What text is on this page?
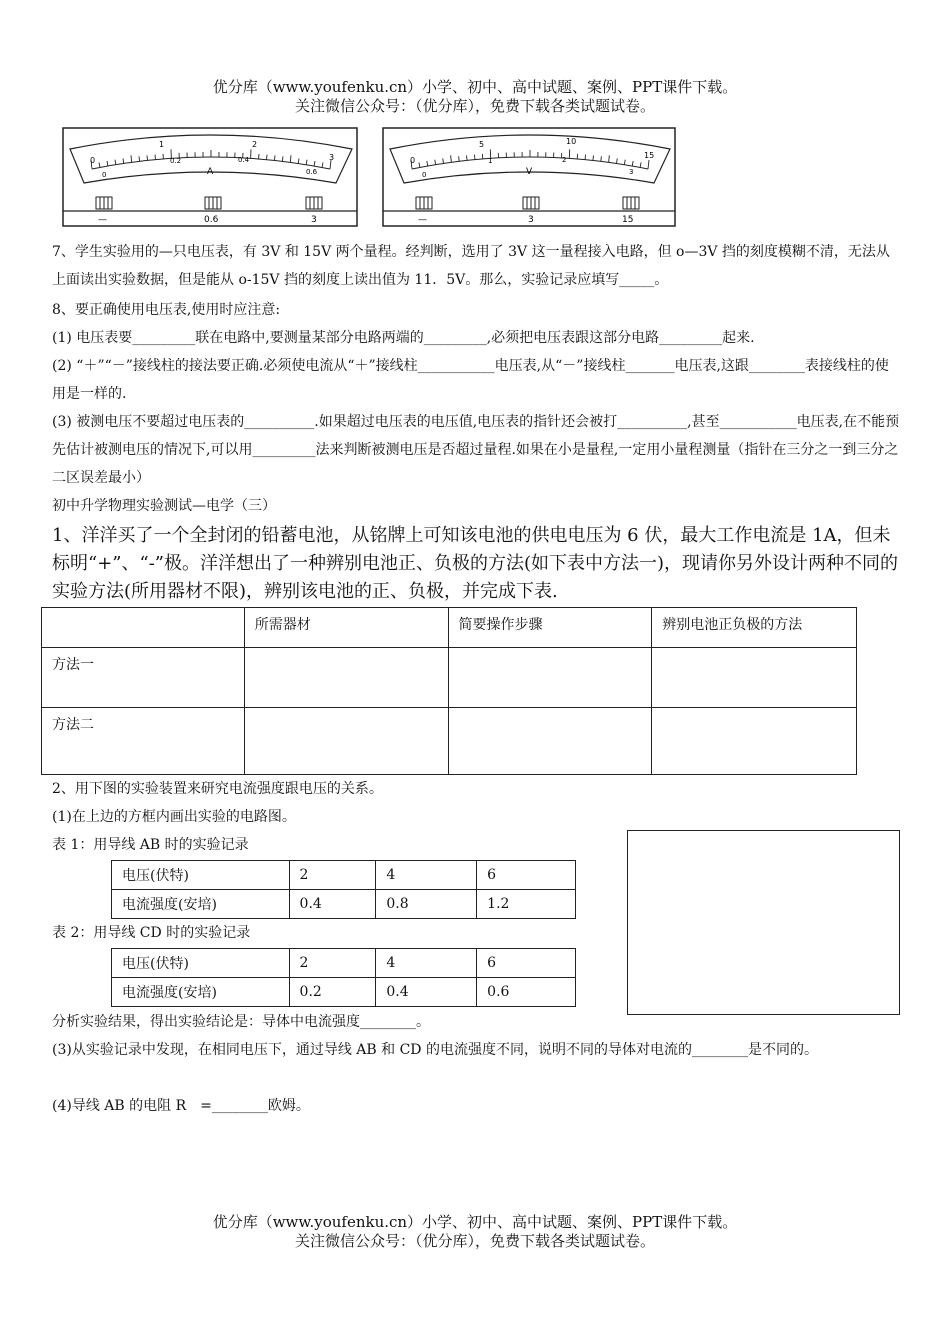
优分库（www.youfenku.cn）小学、初中、高中试题、案例、PPT课件下载。
关注微信公众号：（优分库），免费下载各类试题试卷。
0
1	2
3
0
0.2	0.4
0.6
A
—	0.6	3
0
5	10
15
0
1	2
3
V
—	3	15

7、学生实验用的—只电压表，有 3V 和 15V 两个量程。经判断，选用了 3V 这一量程接入电路，但 o—3V 挡的刻度模糊不清，无法从上面读出实验数据，但是能从 o-15V 挡的刻度上读出值为 11．5V。那么，实验记录应填写_____。

8、要正确使用电压表,使用时应注意:

(1) 电压表要_________联在电路中,要测量某部分电路两端的_________,必须把电压表跟这部分电路_________起来.

(2) “＋”“－”接线柱的接法要正确.必须使电流从“＋”接线柱___________电压表,从“－”接线柱_______电压表,这跟________表接线柱的使用是一样的.

(3) 被测电压不要超过电压表的__________.如果超过电压表的电压值,电压表的指针还会被打__________,甚至___________电压表,在不能预先估计被测电压的情况下,可以用_________法来判断被测电压是否超过量程.如果在小是量程,一定用小量程测量（指针在三分之一到三分之二区误差最小）

初中升学物理实验测试—电学（三）

1、洋洋买了一个全封闭的铅蓄电池，从铭牌上可知该电池的供电电压为 6 伏，最大工作电流是 1A，但未标明“+”、“-”极。洋洋想出了一种辨别电池正、负极的方法(如下表中方法一)，现请你另外设计两种不同的实验方法(所用器材不限)，辨别该电池的正、负极，并完成下表.

	所需器材	简要操作步骤	辨别电池正负极的方法
方法一			
方法二			

2、用下图的实验装置来研究电流强度跟电压的关系。

(1)在上边的方框内画出实验的电路图。

表 1：用导线 AB 时的实验记录

电压(伏特)	2	4	6
电流强度(安培)	0.4	0.8	1.2

表 2：用导线 CD 时的实验记录

电压(伏特)	2	4	6
电流强度(安培)	0.2	0.4	0.6

分析实验结果，得出实验结论是：导体中电流强度________。

(3)从实验记录中发现，在相同电压下，通过导线 AB 和 CD 的电流强度不同，说明不同的导体对电流的________是不同的。

(4)导线 AB 的电阻 R　=________欧姆。

优分库（www.youfenku.cn）小学、初中、高中试题、案例、PPT课件下载。
关注微信公众号：（优分库），免费下载各类试题试卷。
